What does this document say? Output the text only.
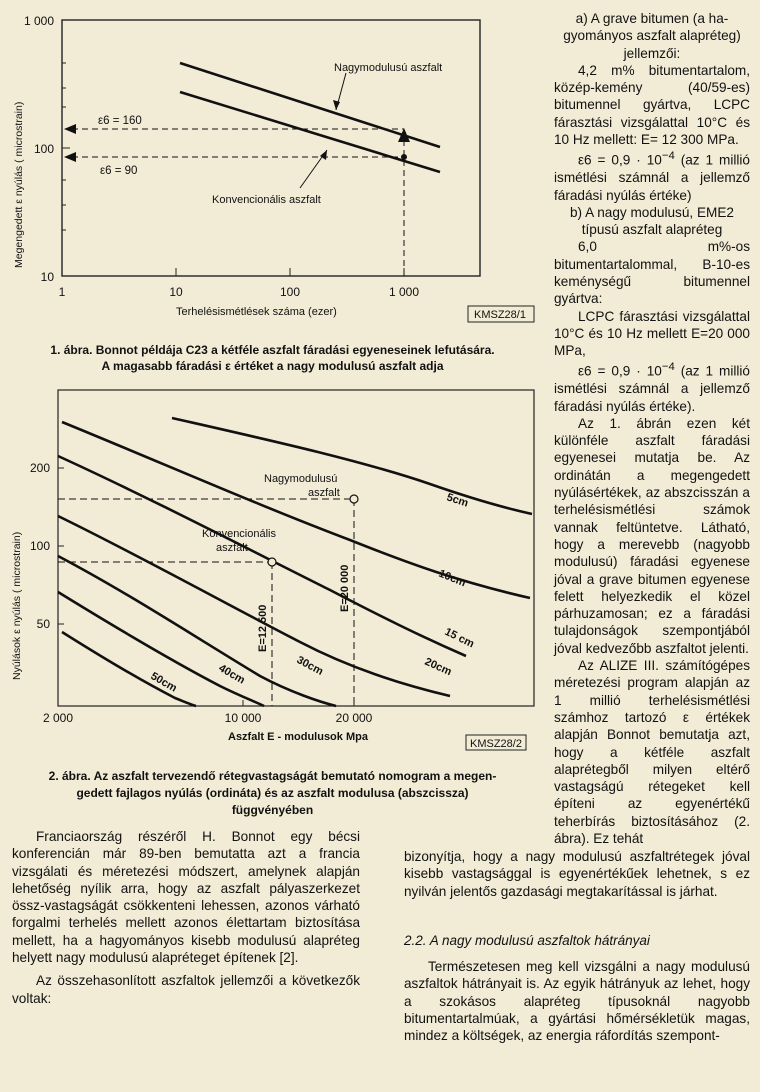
1 000
100
10
1	10	100	1 000
Megengedett ε nyúlás ( microstrain)
Terhelésismétlések száma (ezer)
Nagymodulusú aszfalt
Konvencionális aszfalt
ε6 = 160
ε6 = 90
KMSZ28/1
1. ábra. Bonnot példája C23 a kétféle aszfalt fáradási egyeneseinek lefutására.
A magasabb fáradási ε értéket a nagy modulusú aszfalt adja
200
100
50
2 000	10 000	20 000
Nyúlások ε nyúlás ( microstrain)
Aszfalt E - modulusok Mpa
Nagymodulusú
aszfalt
Konvencionális
aszfalt
E=12 500
E=20 000
5cm
10cm
15 cm
20cm
30cm
40cm
50cm
KMSZ28/2
2. ábra. Az aszfalt tervezendő rétegvastagságát bemutató nomogram a megen-
gedett fajlagos nyúlás (ordináta) és az aszfalt modulusa (abszcissza)
függvényében

a) A grave bitumen (a ha-
gyományos aszfalt alapréteg)
jellemzői:

4,2 m% bitumentartalom, közép-kemény (40/59-es) bitumennel gyártva, LCPC fárasztási vizsgálattal 10°C és 10 Hz mellett: E= 12 300 MPa.

$\varepsilon 6 = 0,9 \cdot 10^{-4}$ (az 1 millió ismétlési számnál a jellemző fáradási nyúlás értéke)

b) A nagy modulusú, EME2
típusú aszfalt alapréteg

6,0 m%-os bitumentartalommal, B-10-es keménységű bitumennel gyártva:

LCPC fárasztási vizsgálattal 10°C és 10 Hz mellett E=20 000 MPa,

$\varepsilon 6 = 0,9 \cdot 10^{-4}$ (az 1 millió ismétlési számnál a jellemző fáradási nyúlás értéke).

Az 1. ábrán ezen két különféle aszfalt fáradási egyenesei mutatja be. Az ordinátán a megengedett nyúlásértékek, az abszcisszán a terhelésismétlési számok vannak feltüntetve. Látható, hogy a merevebb (nagyobb modulusú) fáradási egyenese jóval a grave bitumen egyenese felett helyezkedik el közel párhuzamosan; ez a fáradási tulajdonságok szempontjából jóval kedvezőbb aszfaltot jelenti.

Az ALIZE III. számítógépes méretezési program alapján az 1 millió terhelésismétlési számhoz tartozó ε értékek alapján Bonnot bemutatja azt, hogy a kétféle aszfalt alaprétegből milyen eltérő vastagságú rétegeket kell építeni az egyenértékű teherbírás biztosításához (2. ábra). Ez tehát

bizonyítja, hogy a nagy modulusú aszfaltrétegek jóval kisebb vastagsággal is egyenértékűek lehetnek, s ez nyilván jelentős gazdasági megtakarítással is járhat.

2.2. A nagy modulusú aszfaltok hátrányai

Természetesen meg kell vizsgálni a nagy modulusú aszfaltok hátrányait is. Az egyik hátrányuk az lehet, hogy a szokásos alapréteg típusoknál nagyobb bitumentartalmúak, a gyártási hőmérsékletük magas, mindez a költségek, az energia ráfordítás szempont-

Franciaország részéről H. Bonnot egy bécsi konferencián már 89-ben bemutatta azt a francia vizsgálati és méretezési módszert, amelynek alapján lehetőség nyílik arra, hogy az aszfalt pályaszerkezet össz-vastagságát csökkenteni lehessen, azonos várható forgalmi terhelés mellett azonos élettartam biztosítása mellett, ha a hagyományos kisebb modulusú alapréteg helyett nagy modulusú alapréteget építenek [2].

Az összehasonlított aszfaltok jellemzői a következők voltak:
